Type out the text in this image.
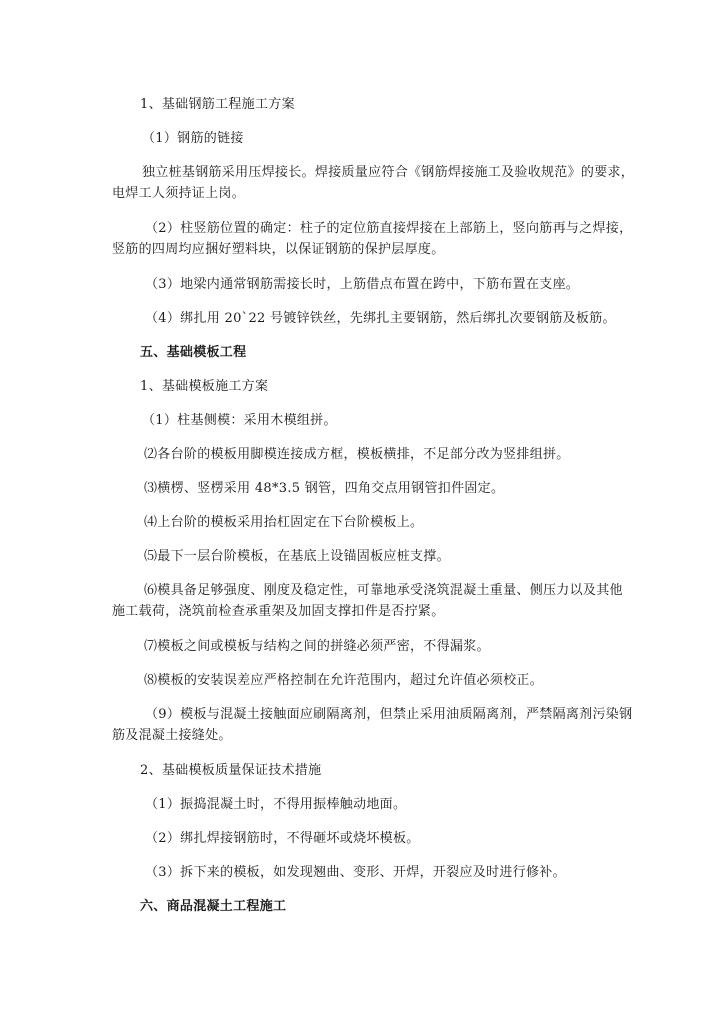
1、基础钢筋工程施工方案
（1）钢筋的链接
独立桩基钢筋采用压焊接长。焊接质量应符合《钢筋焊接施工及验收规范》的要求，
电焊工人须持证上岗。
（2）柱竖筋位置的确定：柱子的定位筋直接焊接在上部筋上，竖向筋再与之焊接，
竖筋的四周均应捆好塑料块，以保证钢筋的保护层厚度。
（3）地梁内通常钢筋需接长时，上筋借点布置在跨中，下筋布置在支座。
（4）绑扎用 20`22 号镀锌铁丝，先绑扎主要钢筋，然后绑扎次要钢筋及板筋。
五、基础模板工程
1、基础模板施工方案
（1）柱基侧模：采用木模组拼。
⑵各台阶的模板用脚模连接成方框，模板横排，不足部分改为竖排组拼。
⑶横楞、竖楞采用 48*3.5 钢管，四角交点用钢管扣件固定。
⑷上台阶的模板采用抬杠固定在下台阶模板上。
⑸最下一层台阶模板，在基底上设锚固板应桩支撑。
⑹模具备足够强度、刚度及稳定性，可靠地承受浇筑混凝土重量、侧压力以及其他
施工载荷，浇筑前检查承重架及加固支撑扣件是否拧紧。
⑺模板之间或模板与结构之间的拼缝必须严密，不得漏浆。
⑻模板的安装误差应严格控制在允许范围内，超过允许值必须校正。
（9）模板与混凝土接触面应刷隔离剂，但禁止采用油质隔离剂，严禁隔离剂污染钢
筋及混凝土接缝处。
2、基础模板质量保证技术措施
（1）振捣混凝土时，不得用振棒触动地面。
（2）绑扎焊接钢筋时，不得砸坏或烧坏模板。
（3）拆下来的模板，如发现翘曲、变形、开焊，开裂应及时进行修补。
六、商品混凝土工程施工
